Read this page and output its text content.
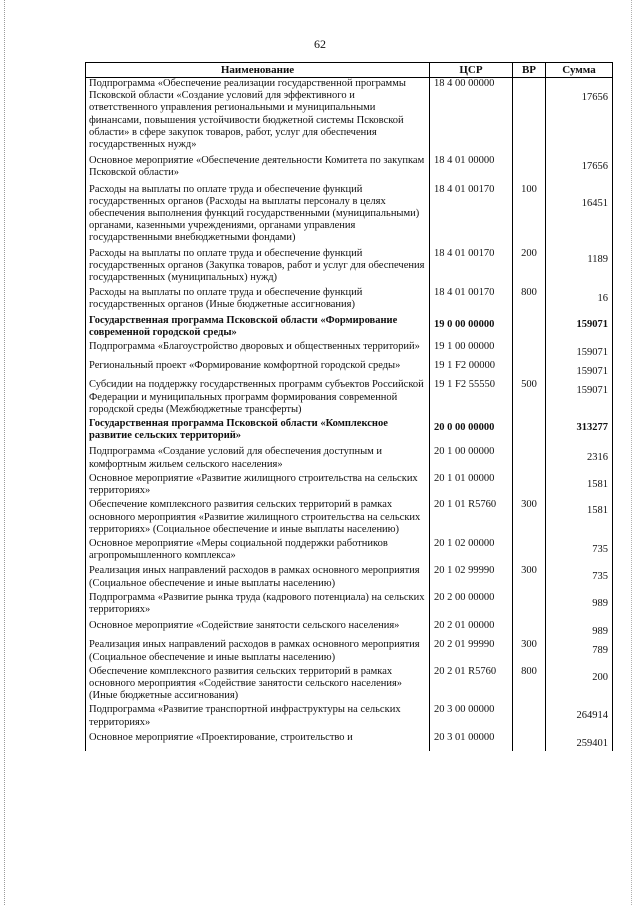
62
Наименование	ЦСР	ВР	Сумма
Подпрограмма «Обеспечение реализации государственной программы Псковской области «Создание условий для эффективного и ответственного управления региональными и муниципальными финансами, повышения устойчивости бюджетной системы Псковской области» в сфере закупок товаров, работ, услуг для обеспечения государственных нужд»	18 4 00 00000		17656
Основное мероприятие «Обеспечение деятельности Комитета по закупкам Псковской области»	18 4 01 00000		17656
Расходы на выплаты по оплате труда и обеспечение функций государственных органов (Расходы на выплаты персоналу в целях обеспечения выполнения функций государственными (муниципальными) органами, казенными учреждениями, органами управления государственными внебюджетными фондами)	18 4 01 00170	100	16451
Расходы на выплаты по оплате труда и обеспечение функций государственных органов (Закупка товаров, работ и услуг для обеспечения государственных (муниципальных) нужд)	18 4 01 00170	200	1189
Расходы на выплаты по оплате труда и обеспечение функций государственных органов (Иные бюджетные ассигнования)	18 4 01 00170	800	16
Государственная программа Псковской области «Формирование современной городской среды»	19 0 00 00000		159071
Подпрограмма «Благоустройство дворовых и общественных территорий»	19 1 00 00000		159071
Региональный проект «Формирование комфортной городской среды»	19 1 F2 00000		159071
Субсидии на поддержку государственных программ субъектов Российской Федерации и муниципальных программ формирования современной городской среды (Межбюджетные трансферты)	19 1 F2 55550	500	159071
Государственная программа Псковской области «Комплексное развитие сельских территорий»	20 0 00 00000		313277
Подпрограмма «Создание условий для обеспечения доступным и комфортным жильем сельского населения»	20 1 00 00000		2316
Основное мероприятие «Развитие жилищного строительства на сельских территориях»	20 1 01 00000		1581
Обеспечение комплексного развития сельских территорий в рамках основного мероприятия «Развитие жилищного строительства на сельских территориях» (Социальное обеспечение и иные выплаты населению)	20 1 01 R5760	300	1581
Основное мероприятие «Меры социальной поддержки работников агропромышленного комплекса»	20 1 02 00000		735
Реализация иных направлений расходов в рамках основного мероприятия (Социальное обеспечение и иные выплаты населению)	20 1 02 99990	300	735
Подпрограмма «Развитие рынка труда (кадрового потенциала) на сельских территориях»	20 2 00 00000		989
Основное мероприятие «Содействие занятости сельского населения»	20 2 01 00000		989
Реализация иных направлений расходов в рамках основного мероприятия (Социальное обеспечение и иные выплаты населению)	20 2 01 99990	300	789
Обеспечение комплексного развития сельских территорий в рамках основного мероприятия «Содействие занятости сельского населения» (Иные бюджетные ассигнования)	20 2 01 R5760	800	200
Подпрограмма «Развитие транспортной инфраструктуры на сельских территориях»	20 3 00 00000		264914
Основное мероприятие «Проектирование, строительство и	20 3 01 00000		259401
